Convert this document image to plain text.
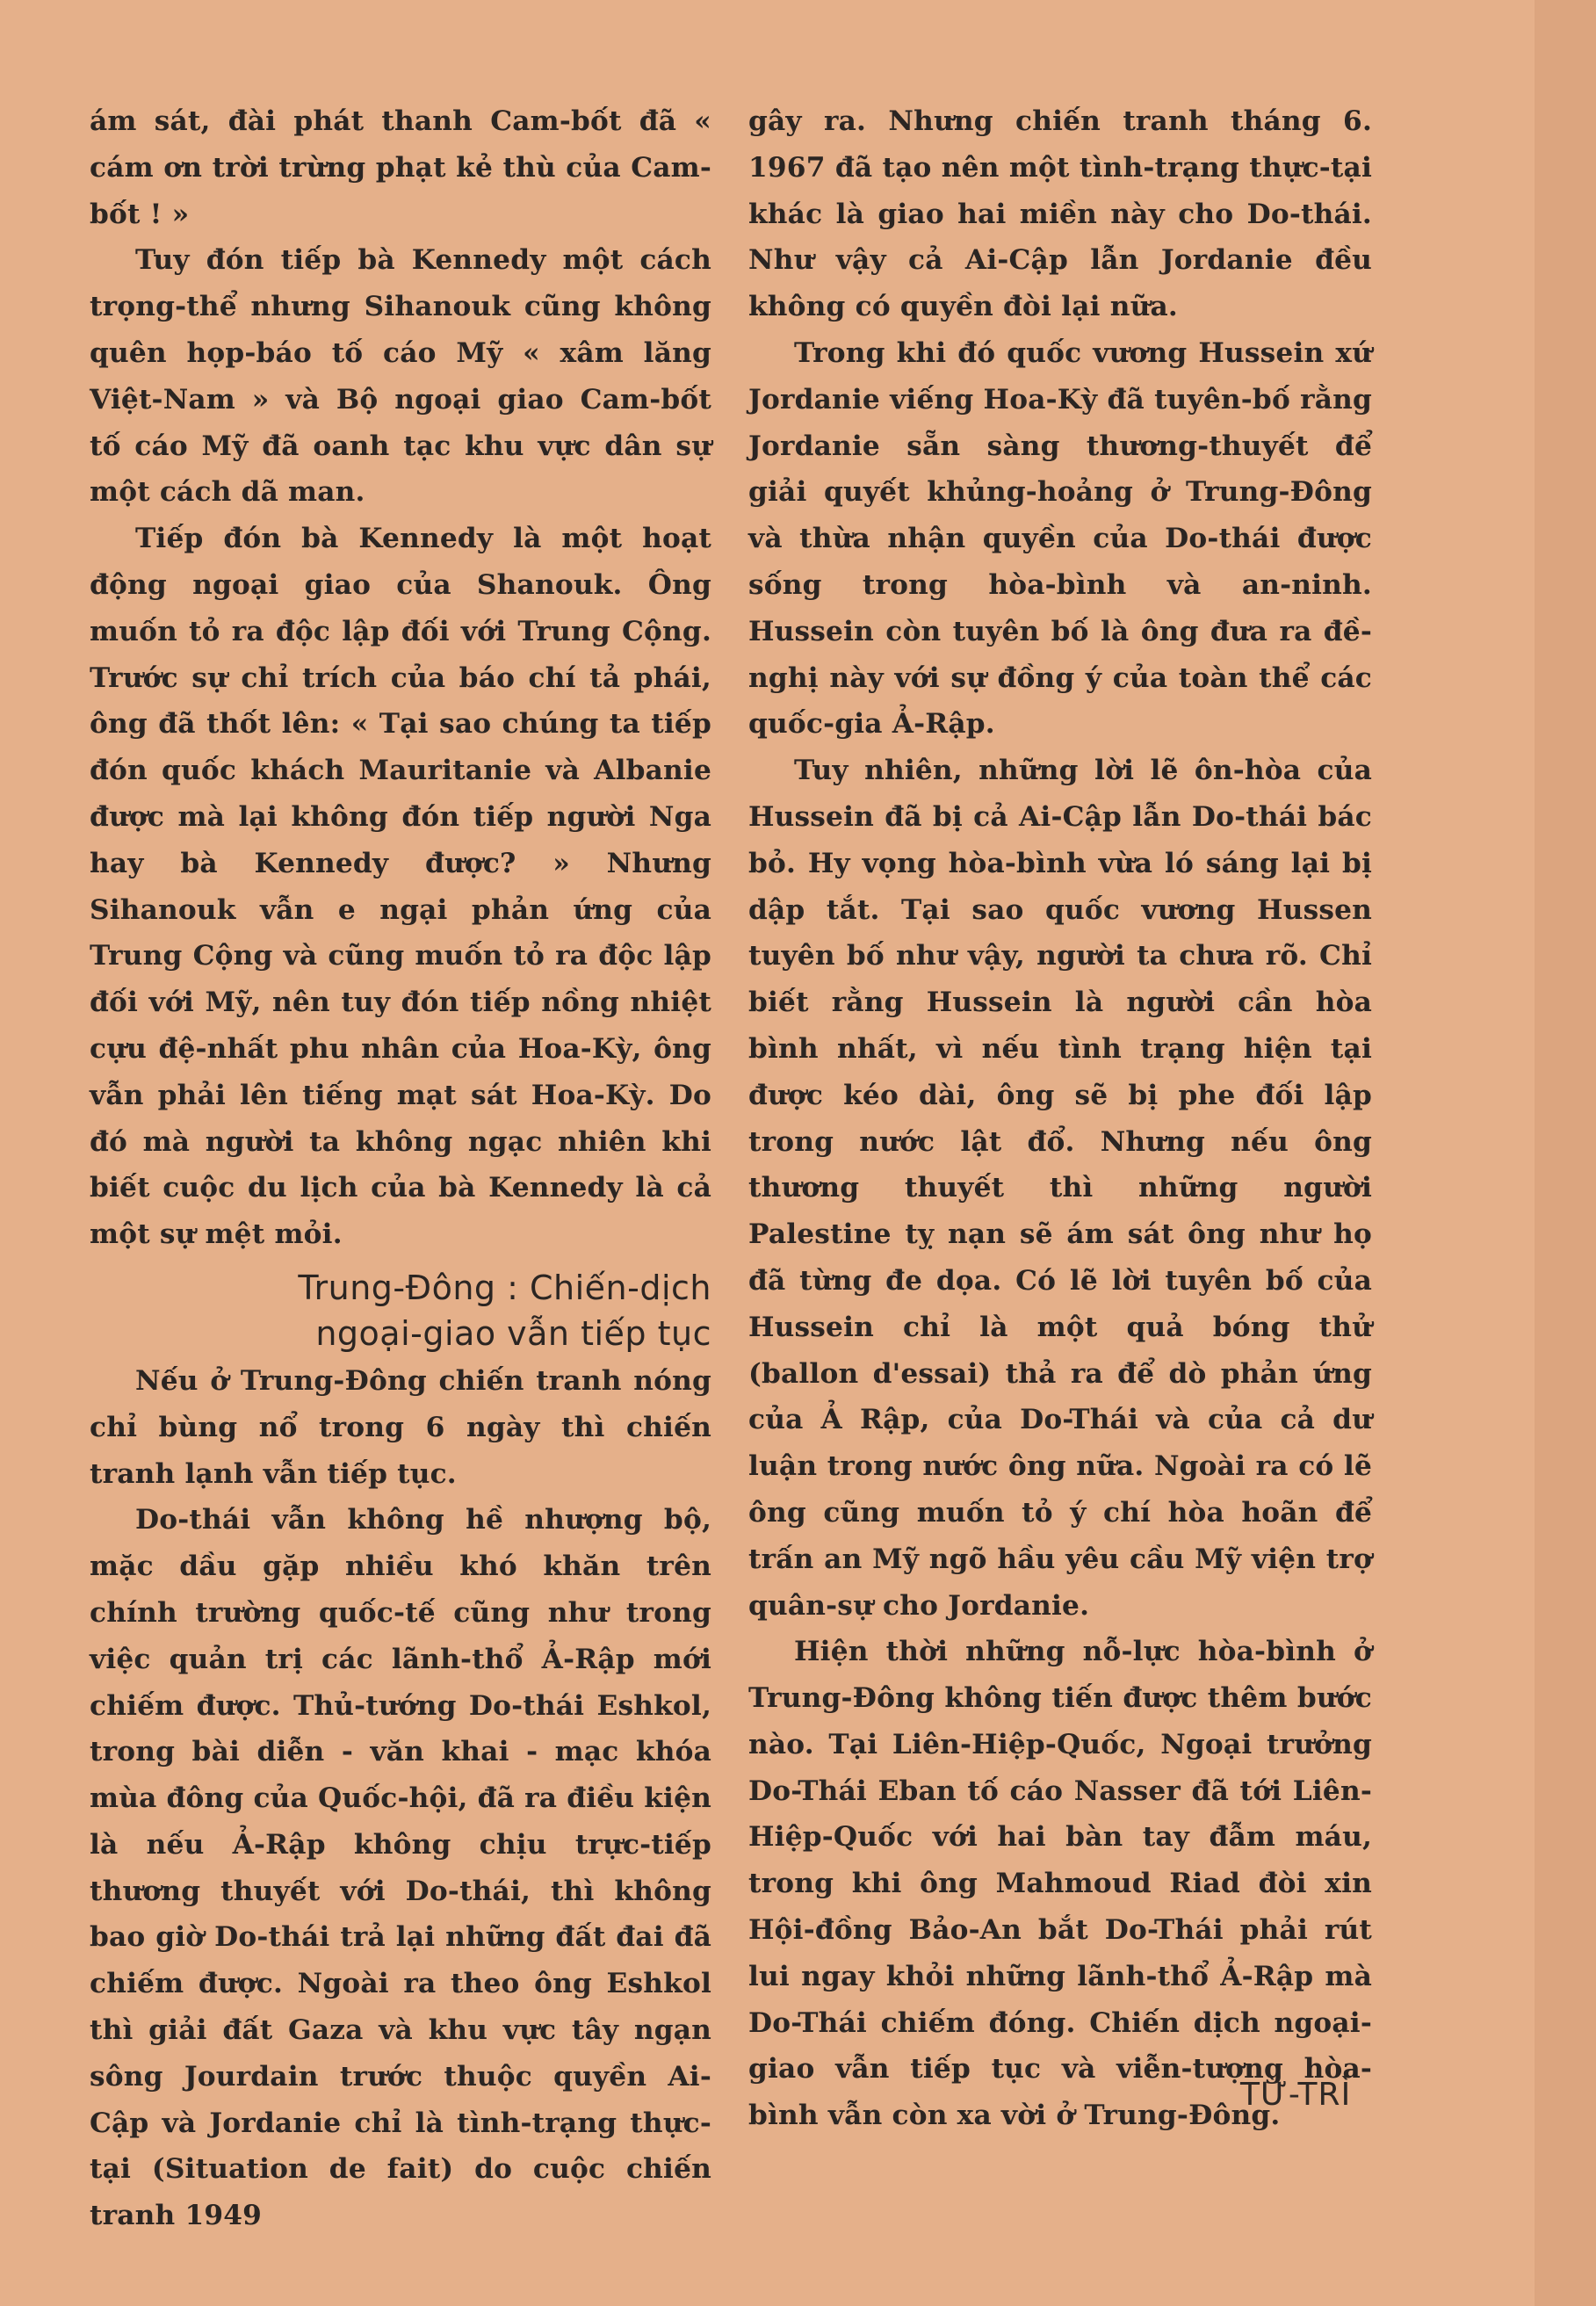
ám sát, đài phát thanh Cam-bốt đã « cám ơn trời trừng phạt kẻ thù của Cam-bốt ! »

Tuy đón tiếp bà Kennedy một cách trọng-thể nhưng Sihanouk cũng không quên họp-báo tố cáo Mỹ « xâm lăng Việt-Nam » và Bộ ngoại giao Cam-bốt tố cáo Mỹ đã oanh tạc khu vực dân sự một cách dã man.

Tiếp đón bà Kennedy là một hoạt động ngoại giao của Shanouk. Ông muốn tỏ ra độc lập đối với Trung Cộng. Trước sự chỉ trích của báo chí tả phái, ông đã thốt lên: « Tại sao chúng ta tiếp đón quốc khách Mauritanie và Albanie được mà lại không đón tiếp người Nga hay bà Kennedy được? » Nhưng Sihanouk vẫn e ngại phản ứng của Trung Cộng và cũng muốn tỏ ra độc lập đối với Mỹ, nên tuy đón tiếp nồng nhiệt cựu đệ-nhất phu nhân của Hoa-Kỳ, ông vẫn phải lên tiếng mạt sát Hoa-Kỳ. Do đó mà người ta không ngạc nhiên khi biết cuộc du lịch của bà Kennedy là cả một sự mệt mỏi.

Trung-Đông : Chiến-dịch
ngoại-giao vẫn tiếp tục

Nếu ở Trung-Đông chiến tranh nóng chỉ bùng nổ trong 6 ngày thì chiến tranh lạnh vẫn tiếp tục.

Do-thái vẫn không hề nhượng bộ, mặc dầu gặp nhiều khó khăn trên chính trường quốc-tế cũng như trong việc quản trị các lãnh-thổ Ả-Rập mới chiếm được. Thủ-tướng Do-thái Eshkol, trong bài diễn - văn khai - mạc khóa mùa đông của Quốc-hội, đã ra điều kiện là nếu Ả-Rập không chịu trực-tiếp thương thuyết với Do-thái, thì không bao giờ Do-thái trả lại những đất đai đã chiếm được. Ngoài ra theo ông Eshkol thì giải đất Gaza và khu vực tây ngạn sông Jourdain trước thuộc quyền Ai-Cập và Jordanie chỉ là tình-trạng thực-tại (Situation de fait) do cuộc chiến tranh 1949

gây ra. Nhưng chiến tranh tháng 6. 1967 đã tạo nên một tình-trạng thực-tại khác là giao hai miền này cho Do-thái. Như vậy cả Ai-Cập lẫn Jordanie đều không có quyền đòi lại nữa.

Trong khi đó quốc vương Hussein xứ Jordanie viếng Hoa-Kỳ đã tuyên-bố rằng Jordanie sẵn sàng thương-thuyết để giải quyết khủng-hoảng ở Trung-Đông và thừa nhận quyền của Do-thái được sống trong hòa-bình và an-ninh. Hussein còn tuyên bố là ông đưa ra đề-nghị này với sự đồng ý của toàn thể các quốc-gia Ả-Rập.

Tuy nhiên, những lời lẽ ôn-hòa của Hussein đã bị cả Ai-Cập lẫn Do-thái bác bỏ. Hy vọng hòa-bình vừa ló sáng lại bị dập tắt. Tại sao quốc vương Hussen tuyên bố như vậy, người ta chưa rõ. Chỉ biết rằng Hussein là người cần hòa bình nhất, vì nếu tình trạng hiện tại được kéo dài, ông sẽ bị phe đối lập trong nước lật đổ. Nhưng nếu ông thương thuyết thì những người Palestine tỵ nạn sẽ ám sát ông như họ đã từng đe dọa. Có lẽ lời tuyên bố của Hussein chỉ là một quả bóng thử (ballon d'essai) thả ra để dò phản ứng của Ả Rập, của Do-Thái và của cả dư luận trong nước ông nữa. Ngoài ra có lẽ ông cũng muốn tỏ ý chí hòa hoãn để trấn an Mỹ ngõ hầu yêu cầu Mỹ viện trợ quân-sự cho Jordanie.

Hiện thời những nỗ-lực hòa-bình ở Trung-Đông không tiến được thêm bước nào. Tại Liên-Hiệp-Quốc, Ngoại trưởng Do-Thái Eban tố cáo Nasser đã tới Liên-Hiệp-Quốc với hai bàn tay đẫm máu, trong khi ông Mahmoud Riad đòi xin Hội-đồng Bảo-An bắt Do-Thái phải rút lui ngay khỏi những lãnh-thổ Ả-Rập mà Do-Thái chiếm đóng. Chiến dịch ngoại-giao vẫn tiếp tục và viễn-tượng hòa-bình vẫn còn xa vời ở Trung-Đông.

TỪ-TRÌ
